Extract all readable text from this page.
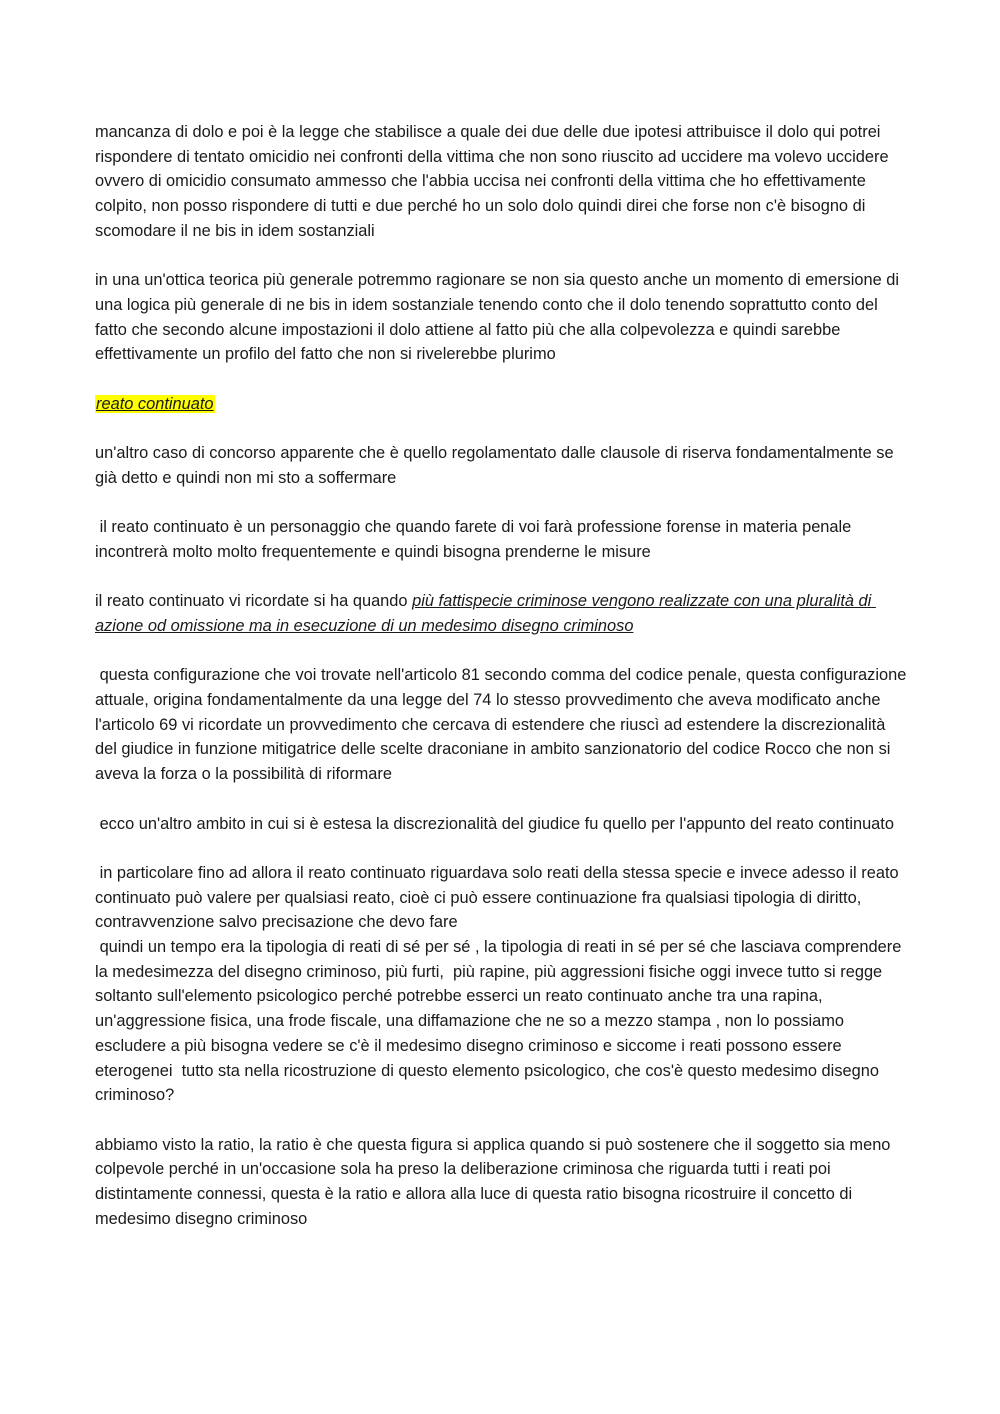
mancanza di dolo e poi è la legge che stabilisce a quale dei due delle due ipotesi attribuisce il dolo qui potrei rispondere di tentato omicidio nei confronti della vittima che non sono riuscito ad uccidere ma volevo uccidere ovvero di omicidio consumato ammesso che l'abbia uccisa nei confronti della vittima che ho effettivamente colpito, non posso rispondere di tutti e due perché ho un solo dolo quindi direi che forse non c'è bisogno di scomodare il ne bis in idem sostanziali

in una un'ottica teorica più generale potremmo ragionare se non sia questo anche un momento di emersione di una logica più generale di ne bis in idem sostanziale tenendo conto che il dolo tenendo soprattutto conto del fatto che secondo alcune impostazioni il dolo attiene al fatto più che alla colpevolezza e quindi sarebbe effettivamente un profilo del fatto che non si rivelerebbe plurimo

reato continuato

un'altro caso di concorso apparente che è quello regolamentato dalle clausole di riserva fondamentalmente se già detto e quindi non mi sto a soffermare

il reato continuato è un personaggio che quando farete di voi farà professione forense in materia penale incontrerà molto molto frequentemente e quindi bisogna prenderne le misure

il reato continuato vi ricordate si ha quando più fattispecie criminose vengono realizzate con una pluralità di azione od omissione ma in esecuzione di un medesimo disegno criminoso

questa configurazione che voi trovate nell'articolo 81 secondo comma del codice penale, questa configurazione attuale, origina fondamentalmente da una legge del 74 lo stesso provvedimento che aveva modificato anche l'articolo 69 vi ricordate un provvedimento che cercava di estendere che riuscì ad estendere la discrezionalità del giudice in funzione mitigatrice delle scelte draconiane in ambito sanzionatorio del codice Rocco che non si aveva la forza o la possibilità di riformare

ecco un'altro ambito in cui si è estesa la discrezionalità del giudice fu quello per l'appunto del reato continuato

in particolare fino ad allora il reato continuato riguardava solo reati della stessa specie e invece adesso il reato continuato può valere per qualsiasi reato, cioè ci può essere continuazione fra qualsiasi tipologia di diritto, contravvenzione salvo precisazione che devo fare

quindi un tempo era la tipologia di reati di sé per sé , la tipologia di reati in sé per sé che lasciava comprendere la medesimezza del disegno criminoso, più furti,  più rapine, più aggressioni fisiche oggi invece tutto si regge soltanto sull'elemento psicologico perché potrebbe esserci un reato continuato anche tra una rapina, un'aggressione fisica, una frode fiscale, una diffamazione che ne so a mezzo stampa , non lo possiamo escludere a più bisogna vedere se c'è il medesimo disegno criminoso e siccome i reati possono essere eterogenei  tutto sta nella ricostruzione di questo elemento psicologico, che cos'è questo medesimo disegno criminoso?

abbiamo visto la ratio, la ratio è che questa figura si applica quando si può sostenere che il soggetto sia meno colpevole perché in un'occasione sola ha preso la deliberazione criminosa che riguarda tutti i reati poi distintamente connessi, questa è la ratio e allora alla luce di questa ratio bisogna ricostruire il concetto di medesimo disegno criminoso
